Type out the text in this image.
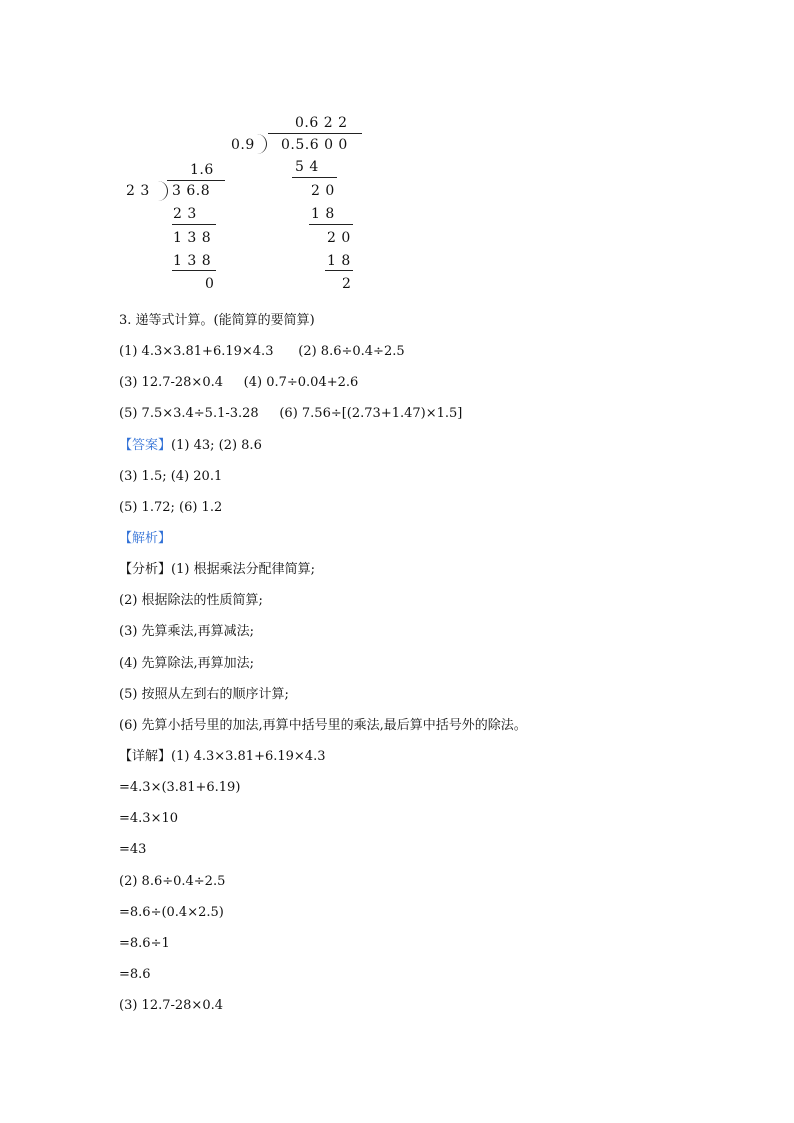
1.6
2 3 3 6.8
2 3
1 3 8
1 3 8
0
0.6 2 2
0.9 0.5.6 0 0
5 4
2 0
1 8
2 0
1 8
2
3. 递等式计算。(能简算的要简算)
(1) 4.3×3.81+6.19×4.3      (2) 8.6÷0.4÷2.5
(3) 12.7-28×0.4     (4) 0.7÷0.04+2.6
(5) 7.5×3.4÷5.1-3.28     (6) 7.56÷[(2.73+1.47)×1.5]
【答案】(1) 43; (2) 8.6
(3) 1.5; (4) 20.1
(5) 1.72; (6) 1.2
【解析】
【分析】(1) 根据乘法分配律简算;
(2) 根据除法的性质简算;
(3) 先算乘法,再算减法;
(4) 先算除法,再算加法;
(5) 按照从左到右的顺序计算;
(6) 先算小括号里的加法,再算中括号里的乘法,最后算中括号外的除法。
【详解】(1) 4.3×3.81+6.19×4.3
=4.3×(3.81+6.19)
=4.3×10
=43
(2) 8.6÷0.4÷2.5
=8.6÷(0.4×2.5)
=8.6÷1
=8.6
(3) 12.7-28×0.4
